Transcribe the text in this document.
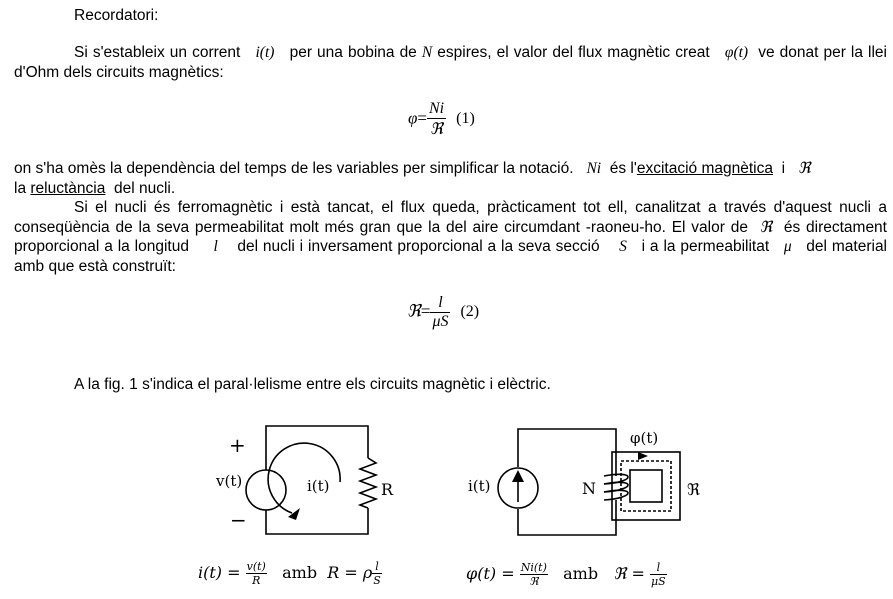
Recordatori:
Si s'estableix un corrent i(t) per una bobina de N espires, el valor del flux magnètic creat φ(t) ve donat per la llei d'Ohm dels circuits magnètics:
$\varphi= \frac{Ni}{\text{ℜ}} (1)$
on s'ha omès la dependència del temps de les variables per simplificar la notació. Ni és l'excitació magnètica i ℜ
la reluctància del nucli.
Si el nucli és ferromagnètic i està tancat, el flux queda, pràcticament tot ell, canalitzat a través d'aquest nucli a conseqüència de la seva permeabilitat molt més gran que la del aire circumdant -raoneu-ho. El valor de ℜ és directament proporcional a la longitud l del nucli i inversament proporcional a la seva secció S i a la permeabilitat μ del material amb que està construït:
ℜ= $\frac{l}{\mu S} (2)$
A la fig. 1 s'indica el paral·lelisme entre els circuits magnètic i elèctric.
+
−
v(t)	i(t)	R	i(t)
φ(t)
N	ℜ
$i(t) = \frac{v(t)}{R}$ amb R = ρ $\frac{l}{S}$	φ(t) = Ni(t)
ℜ	amb ℜ = $\frac{l}{\mu S}$
